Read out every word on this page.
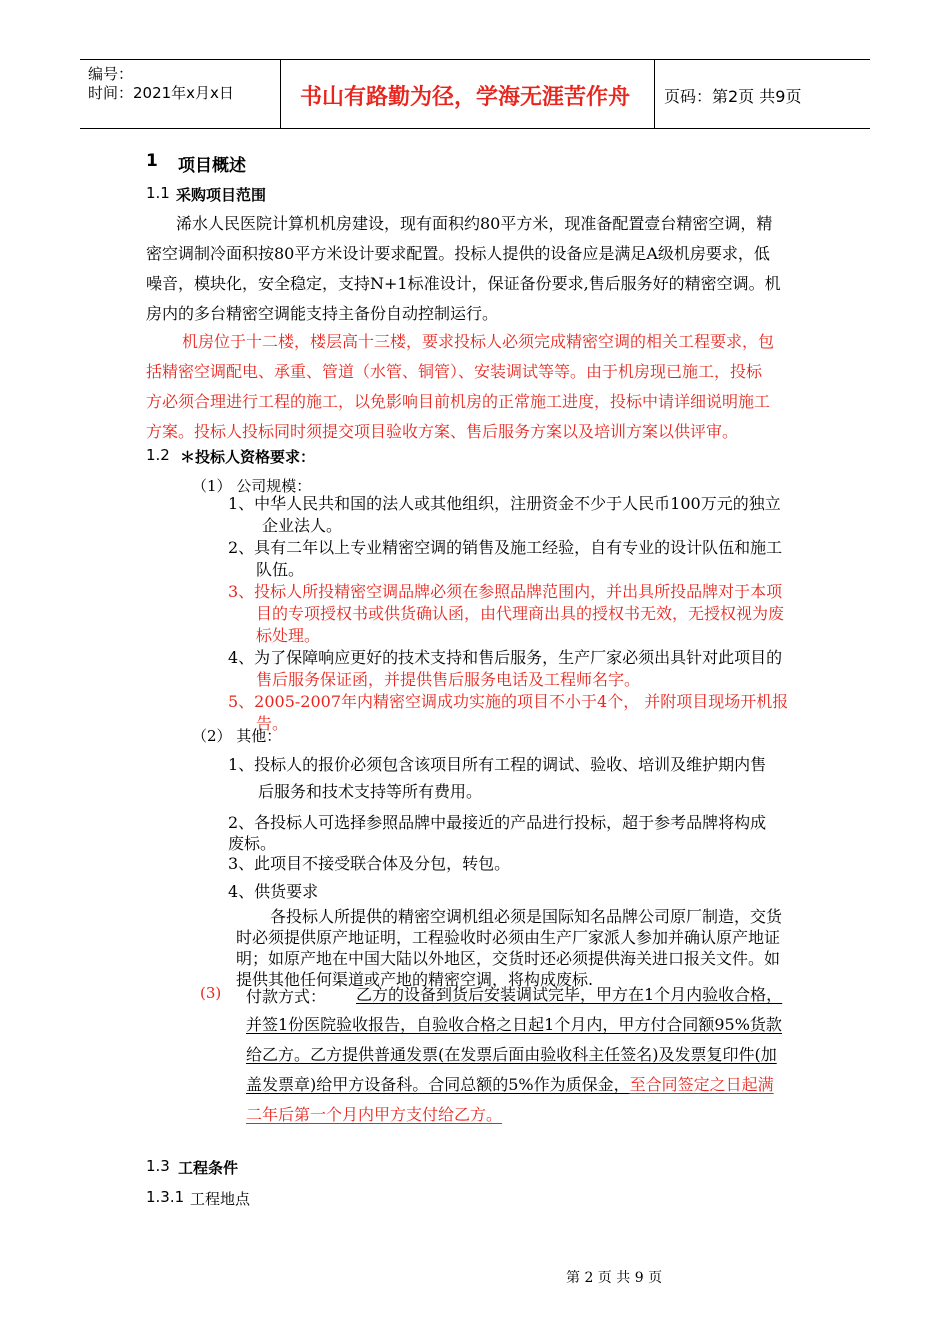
编号：
时间：2021年x月x日	书山有路勤为径，学海无涯苦作舟 页码：第2页 共9页
1 项目概述
1.1 采购项目范围
浠水人民医院计算机机房建设，现有面积约80平方米，现准备配置壹台精密空调，精
密空调制冷面积按80平方米设计要求配置。投标人提供的设备应是满足A级机房要求，低
噪音，模块化，安全稳定，支持N+1标准设计，保证备份要求,售后服务好的精密空调。机
房内的多台精密空调能支持主备份自动控制运行。
机房位于十二楼，楼层高十三楼，要求投标人必须完成精密空调的相关工程要求，包
括精密空调配电、承重、管道（水管、铜管）、安装调试等等。由于机房现已施工，投标
方必须合理进行工程的施工，以免影响目前机房的正常施工进度，投标中请详细说明施工
方案。投标人投标同时须提交项目验收方案、售后服务方案以及培训方案以供评审。
1.2 ＊投标人资格要求：
（1） 公司规模：
1、中华人民共和国的法人或其他组织，注册资金不少于人民币100万元的独立
企业法人。
2、具有二年以上专业精密空调的销售及施工经验，自有专业的设计队伍和施工
队伍。
3、投标人所投精密空调品牌必须在参照品牌范围内，并出具所投品牌对于本项
目的专项授权书或供货确认函，由代理商出具的授权书无效，无授权视为废
标处理。
4、为了保障响应更好的技术支持和售后服务，生产厂家必须出具针对此项目的
售后服务保证函，并提供售后服务电话及工程师名字。
5、2005-2007年内精密空调成功实施的项目不小于4个， 并附项目现场开机报
告。
（2） 其他：
1、投标人的报价必须包含该项目所有工程的调试、验收、培训及维护期内售
后服务和技术支持等所有费用。
2、各投标人可选择参照品牌中最接近的产品进行投标，超于参考品牌将构成
废标。
3、此项目不接受联合体及分包，转包。
4、供货要求
各投标人所提供的精密空调机组必须是国际知名品牌公司原厂制造，交货
时必须提供原产地证明，工程验收时必须由生产厂家派人参加并确认原产地证
明；如原产地在中国大陆以外地区，交货时还必须提供海关进口报关文件。如
提供其他任何渠道或产地的精密空调，将构成废标.
(3) 付款方式：	乙方的设备到货后安装调试完毕，甲方在1个月内验收合格，
并签1份医院验收报告，自验收合格之日起1个月内，甲方付合同额95%货款
给乙方。乙方提供普通发票(在发票后面由验收科主任签名)及发票复印件(加
盖发票章)给甲方设备科。合同总额的5%作为质保金，至合同签定之日起满
二年后第一个月内甲方支付给乙方。
1.3 工程条件
1.3.1 工程地点
第 2 页 共 9 页
